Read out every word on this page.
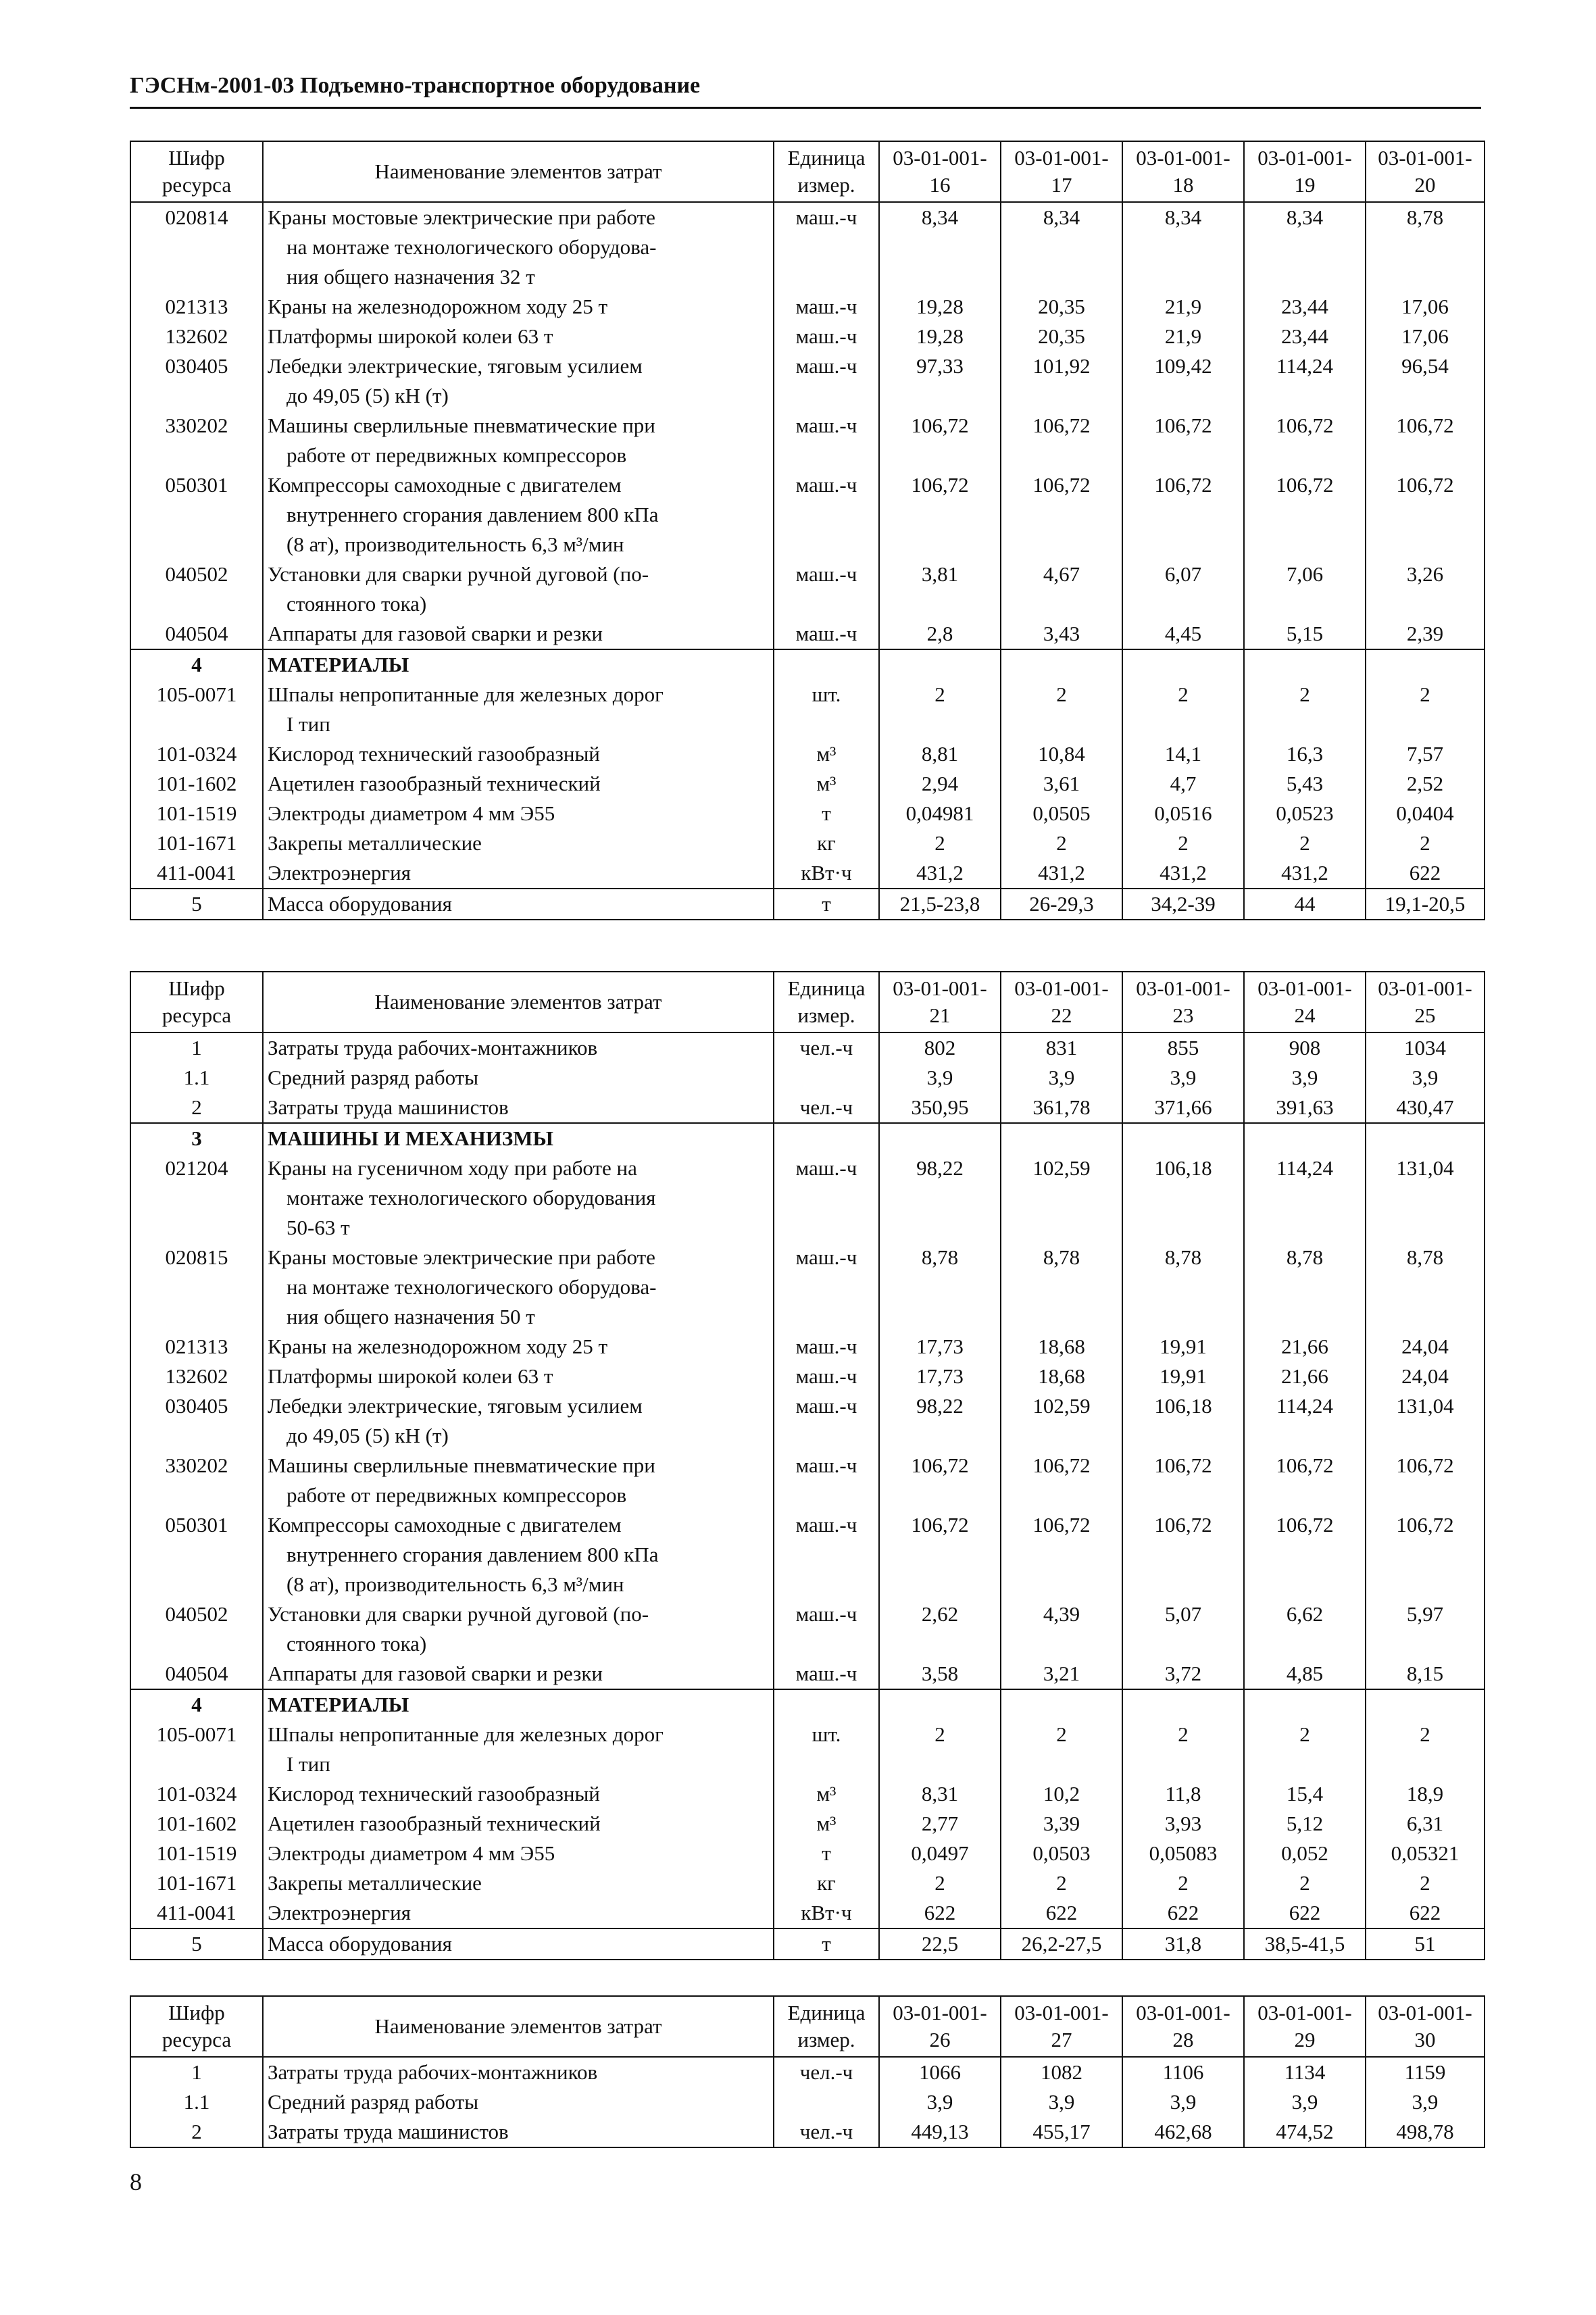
ГЭСНм-2001-03 Подъемно-транспортное оборудование
Шифр ресурса	Наименование элементов затрат	Единица измер.	03-01-001-16	03-01-001-17	03-01-001-18	03-01-001-19	03-01-001-20
020814	Краны мостовые электрические при работе
на монтаже технологического оборудова-
ния общего назначения 32 т	маш.-ч	8,34	8,34	8,34	8,34	8,78
021313	Краны на железнодорожном ходу 25 т	маш.-ч	19,28	20,35	21,9	23,44	17,06
132602	Платформы широкой колеи 63 т	маш.-ч	19,28	20,35	21,9	23,44	17,06
030405	Лебедки электрические, тяговым усилием
до 49,05 (5) кН (т)	маш.-ч	97,33	101,92	109,42	114,24	96,54
330202	Машины сверлильные пневматические при
работе от передвижных компрессоров	маш.-ч	106,72	106,72	106,72	106,72	106,72
050301	Компрессоры самоходные с двигателем
внутреннего сгорания давлением 800 кПа
(8 ат), производительность 6,3 м³/мин	маш.-ч	106,72	106,72	106,72	106,72	106,72
040502	Установки для сварки ручной дуговой (по-
стоянного тока)	маш.-ч	3,81	4,67	6,07	7,06	3,26
040504	Аппараты для газовой сварки и резки	маш.-ч	2,8	3,43	4,45	5,15	2,39
4	МАТЕРИАЛЫ						

105-0071	Шпалы непропитанные для железных дорог
I тип	шт.	2	2	2	2	2
101-0324	Кислород технический газообразный	м³	8,81	10,84	14,1	16,3	7,57
101-1602	Ацетилен газообразный технический	м³	2,94	3,61	4,7	5,43	2,52
101-1519	Электроды диаметром 4 мм Э55	т	0,04981	0,0505	0,0516	0,0523	0,0404
101-1671	Закрепы металлические	кг	2	2	2	2	2
411-0041	Электроэнергия	кВт·ч	431,2	431,2	431,2	431,2	622
5	Масса оборудования	т	21,5-23,8	26-29,3	34,2-39	44	19,1-20,5
Шифр ресурса	Наименование элементов затрат	Единица измер.	03-01-001-21	03-01-001-22	03-01-001-23	03-01-001-24	03-01-001-25
1	Затраты труда рабочих-монтажников	чел.-ч	802	831	855	908	1034
1.1	Средний разряд работы		3,9	3,9	3,9	3,9	3,9
2	Затраты труда машинистов	чел.-ч	350,95	361,78	371,66	391,63	430,47
3	МАШИНЫ И МЕХАНИЗМЫ						

021204	Краны на гусеничном ходу при работе на
монтаже технологического оборудования
50-63 т	маш.-ч	98,22	102,59	106,18	114,24	131,04
020815	Краны мостовые электрические при работе
на монтаже технологического оборудова-
ния общего назначения 50 т	маш.-ч	8,78	8,78	8,78	8,78	8,78
021313	Краны на железнодорожном ходу 25 т	маш.-ч	17,73	18,68	19,91	21,66	24,04
132602	Платформы широкой колеи 63 т	маш.-ч	17,73	18,68	19,91	21,66	24,04
030405	Лебедки электрические, тяговым усилием
до 49,05 (5) кН (т)	маш.-ч	98,22	102,59	106,18	114,24	131,04
330202	Машины сверлильные пневматические при
работе от передвижных компрессоров	маш.-ч	106,72	106,72	106,72	106,72	106,72
050301	Компрессоры самоходные с двигателем
внутреннего сгорания давлением 800 кПа
(8 ат), производительность 6,3 м³/мин	маш.-ч	106,72	106,72	106,72	106,72	106,72
040502	Установки для сварки ручной дуговой (по-
стоянного тока)	маш.-ч	2,62	4,39	5,07	6,62	5,97
040504	Аппараты для газовой сварки и резки	маш.-ч	3,58	3,21	3,72	4,85	8,15
4	МАТЕРИАЛЫ						

105-0071	Шпалы непропитанные для железных дорог
I тип	шт.	2	2	2	2	2
101-0324	Кислород технический газообразный	м³	8,31	10,2	11,8	15,4	18,9
101-1602	Ацетилен газообразный технический	м³	2,77	3,39	3,93	5,12	6,31
101-1519	Электроды диаметром 4 мм Э55	т	0,0497	0,0503	0,05083	0,052	0,05321
101-1671	Закрепы металлические	кг	2	2	2	2	2
411-0041	Электроэнергия	кВт·ч	622	622	622	622	622
5	Масса оборудования	т	22,5	26,2-27,5	31,8	38,5-41,5	51
Шифр ресурса	Наименование элементов затрат	Единица измер.	03-01-001-26	03-01-001-27	03-01-001-28	03-01-001-29	03-01-001-30
1	Затраты труда рабочих-монтажников	чел.-ч	1066	1082	1106	1134	1159
1.1	Средний разряд работы		3,9	3,9	3,9	3,9	3,9
2	Затраты труда машинистов	чел.-ч	449,13	455,17	462,68	474,52	498,78
8
